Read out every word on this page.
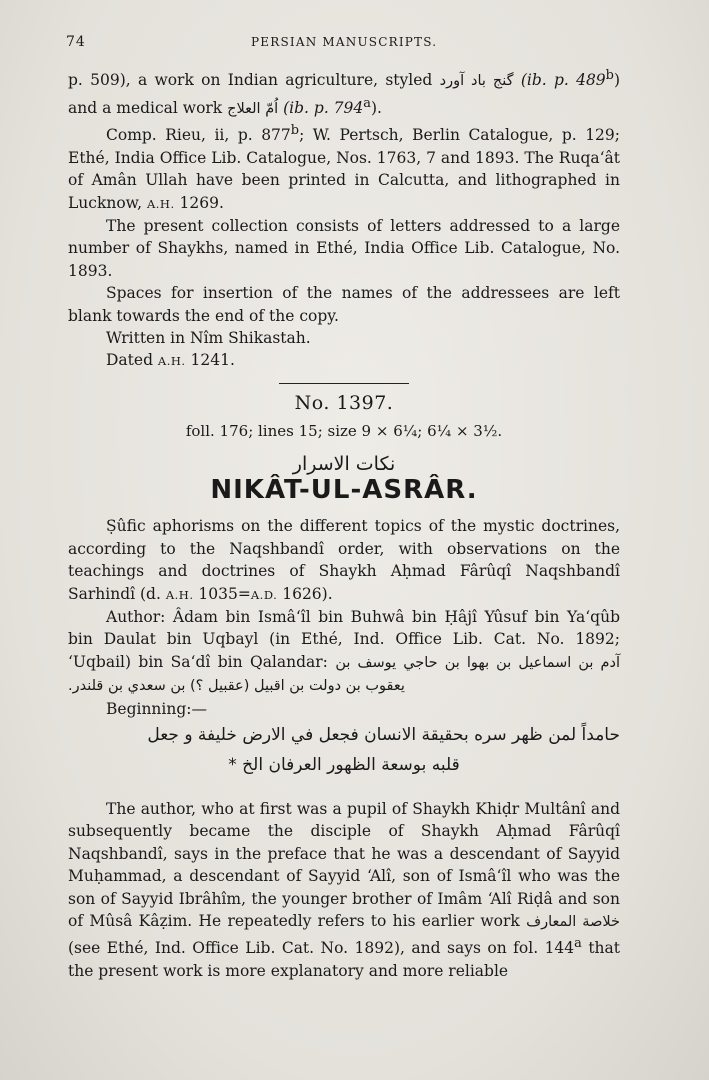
74	PERSIAN MANUSCRIPTS.

p. 509), a work on Indian agriculture, styled گنج باد آورد (ib. p. 489$^b$) and a medical work اُمّ العلاج (ib. p. 794$^a$).

Comp. Rieu, ii, p. 877$^b$; W. Pertsch, Berlin Catalogue, p. 129; Ethé, India Office Lib. Catalogue, Nos. 1763, 7 and 1893. The Ruqa‘ât of Amân Ullah have been printed in Calcutta, and lithographed in Lucknow, A.H. 1269.

The present collection consists of letters addressed to a large number of Shaykhs, named in Ethé, India Office Lib. Catalogue, No. 1893.

Spaces for insertion of the names of the addressees are left blank towards the end of the copy.

Written in Nîm Shikastah.

Dated A.H. 1241.

No. 1397.
foll. 176; lines 15; size 9 × 6¼; 6¼ × 3½.
نكات الاسرار
NIKÂT-UL-ASRÂR.

Ṣûfic aphorisms on the different topics of the mystic doctrines, according to the Naqshbandî order, with observations on the teachings and doctrines of Shaykh Aḥmad Fârûqî Naqshbandî Sarhindî (d. A.H. 1035=A.D. 1626).

Author: Âdam bin Ismâ‘îl bin Buhwâ bin Ḥâjî Yûsuf bin Ya‘qûb bin Daulat bin Uqbayl (in Ethé, Ind. Office Lib. Cat. No. 1892; ‘Uqbail) bin Sa‘dî bin Qalandar: آدم بن اسماعيل بن بهوا بن حاجي يوسف بن يعقوب بن دولت بن اقبيل (عقبيل ؟) بن سعدي بن قلندر.

Beginning:—

حامداً لمن ظهر سره بحقيقة الانسان فجعل في الارض خليفة و جعل

قلبه بوسعة الظهور العرفان الخ *

The author, who at first was a pupil of Shaykh Khiḍr Multânî and subsequently became the disciple of Shaykh Aḥmad Fârûqî Naqshbandî, says in the preface that he was a descendant of Sayyid Muḥammad, a descendant of Sayyid ‘Alî, son of Ismâ‘îl who was the son of Sayyid Ibrâhîm, the younger brother of Imâm ‘Alî Riḍâ and son of Mûsâ Kâẓim. He repeatedly refers to his earlier work خلاصة المعارف (see Ethé, Ind. Office Lib. Cat. No. 1892), and says on fol. 144$^a$ that the present work is more explanatory and more reliable
